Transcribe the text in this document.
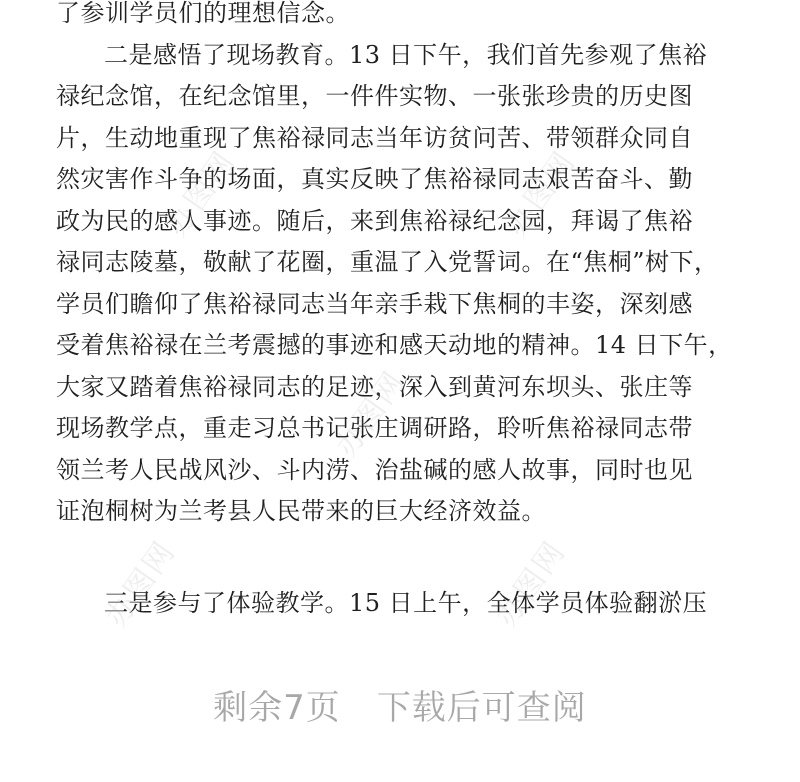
了参训学员们的理想信念。
二是感悟了现场教育。13 日下午，我们首先参观了焦裕
禄纪念馆，在纪念馆里，一件件实物、一张张珍贵的历史图
片，生动地重现了焦裕禄同志当年访贫问苦、带领群众同自
然灾害作斗争的场面，真实反映了焦裕禄同志艰苦奋斗、勤
政为民的感人事迹。随后，来到焦裕禄纪念园，拜谒了焦裕
禄同志陵墓，敬献了花圈，重温了入党誓词。在“焦桐”树下，
学员们瞻仰了焦裕禄同志当年亲手栽下焦桐的丰姿，深刻感
受着焦裕禄在兰考震撼的事迹和感天动地的精神。14 日下午，
大家又踏着焦裕禄同志的足迹，深入到黄河东坝头、张庄等
现场教学点，重走习总书记张庄调研路，聆听焦裕禄同志带
领兰考人民战风沙、斗内涝、治盐碱的感人故事，同时也见
证泡桐树为兰考县人民带来的巨大经济效益。
三是参与了体验教学。15 日上午，全体学员体验翻淤压
办图网	办图网
办图网
办图网	办图网
剩余7页 下载后可查阅
